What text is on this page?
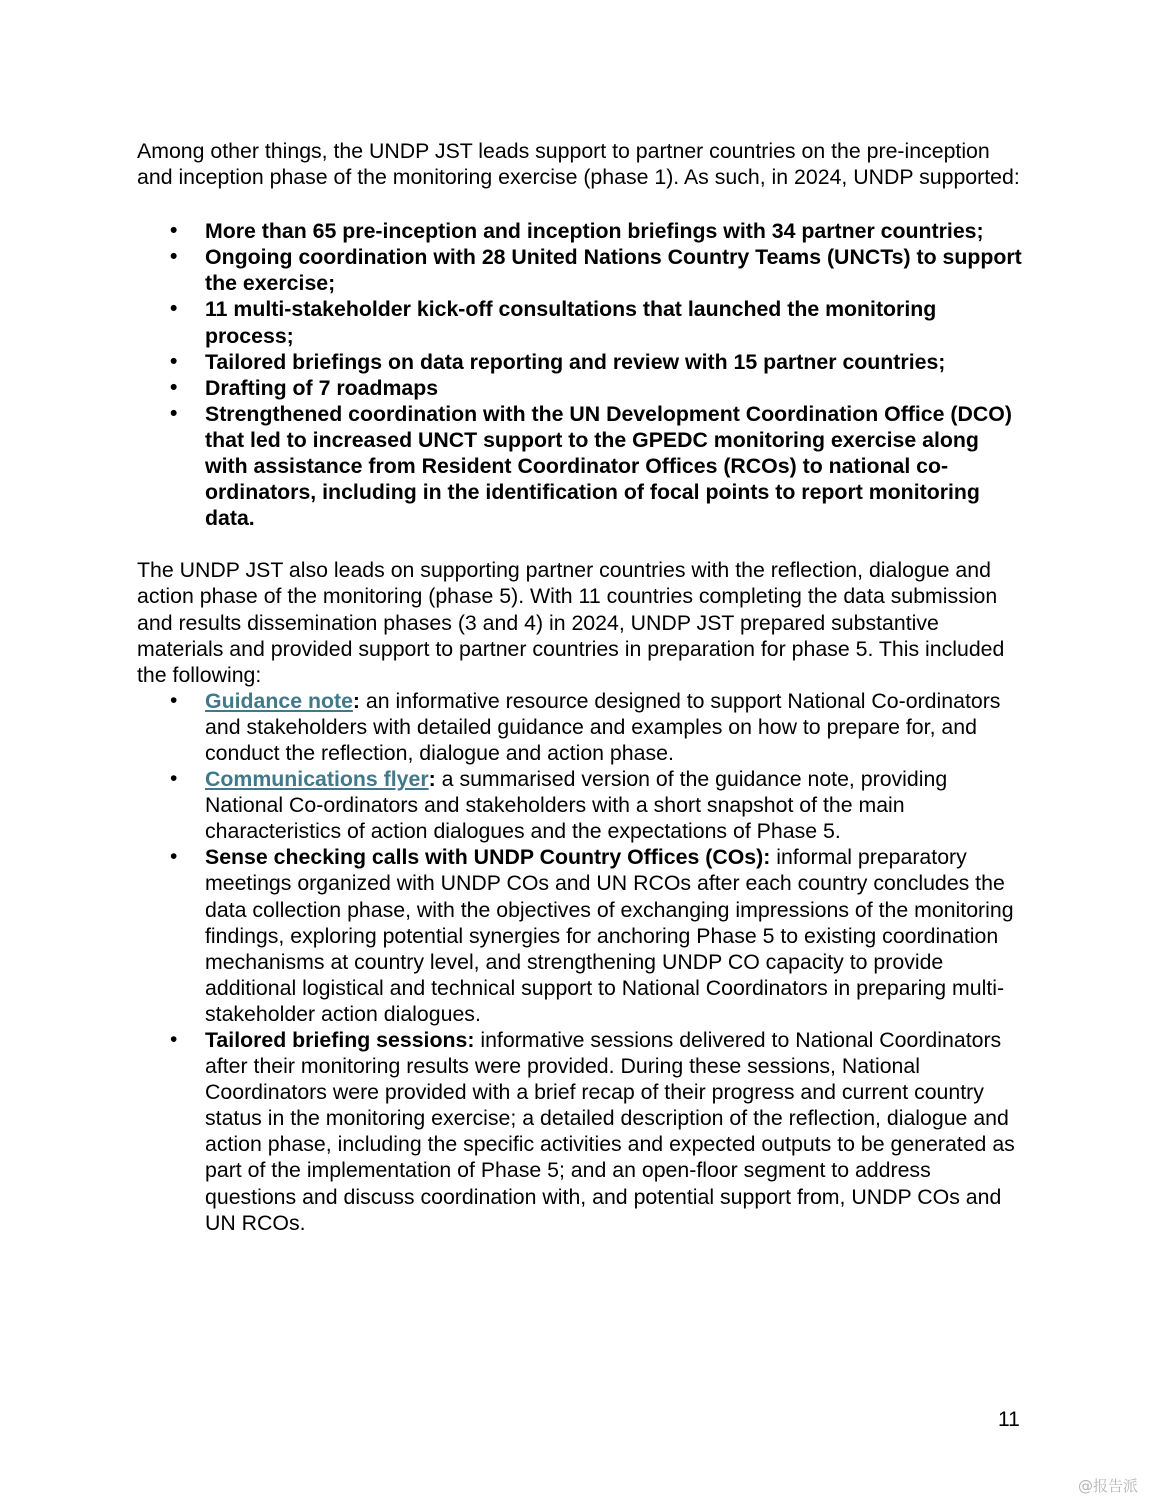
Among other things, the UNDP JST leads support to partner countries on the pre-inception and inception phase of the monitoring exercise (phase 1). As such, in 2024, UNDP supported:

• More than 65 pre-inception and inception briefings with 34 partner countries;
• Ongoing coordination with 28 United Nations Country Teams (UNCTs) to support the exercise;
• 11 multi-stakeholder kick-off consultations that launched the monitoring process;
• Tailored briefings on data reporting and review with 15 partner countries;
• Drafting of 7 roadmaps
• Strengthened coordination with the UN Development Coordination Office (DCO) that led to increased UNCT support to the GPEDC monitoring exercise along with assistance from Resident Coordinator Offices (RCOs) to national co-ordinators, including in the identification of focal points to report monitoring data.

The UNDP JST also leads on supporting partner countries with the reflection, dialogue and action phase of the monitoring (phase 5). With 11 countries completing the data submission and results dissemination phases (3 and 4) in 2024, UNDP JST prepared substantive materials and provided support to partner countries in preparation for phase 5. This included the following:

• Guidance note: an informative resource designed to support National Co-ordinators and stakeholders with detailed guidance and examples on how to prepare for, and conduct the reflection, dialogue and action phase.
• Communications flyer: a summarised version of the guidance note, providing National Co-ordinators and stakeholders with a short snapshot of the main characteristics of action dialogues and the expectations of Phase 5.
• Sense checking calls with UNDP Country Offices (COs): informal preparatory meetings organized with UNDP COs and UN RCOs after each country concludes the data collection phase, with the objectives of exchanging impressions of the monitoring findings, exploring potential synergies for anchoring Phase 5 to existing coordination mechanisms at country level, and strengthening UNDP CO capacity to provide additional logistical and technical support to National Coordinators in preparing multi-stakeholder action dialogues.
• Tailored briefing sessions: informative sessions delivered to National Coordinators after their monitoring results were provided. During these sessions, National Coordinators were provided with a brief recap of their progress and current country status in the monitoring exercise; a detailed description of the reflection, dialogue and action phase, including the specific activities and expected outputs to be generated as part of the implementation of Phase 5; and an open-floor segment to address questions and discuss coordination with, and potential support from, UNDP COs and UN RCOs.
11
@报告派
